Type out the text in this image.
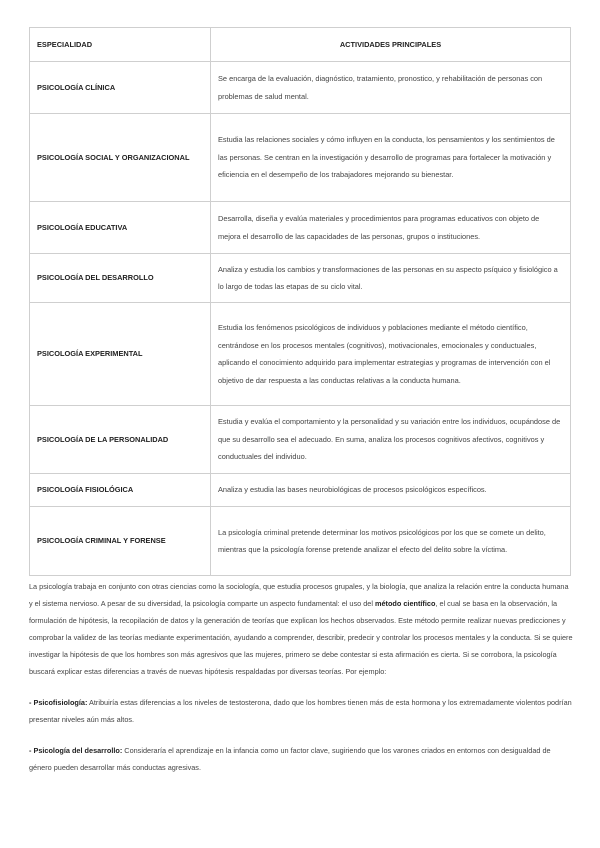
ESPECIALIDAD	ACTIVIDADES PRINCIPALES
PSICOLOGÍA CLÍNICA	Se encarga de la evaluación, diagnóstico, tratamiento, pronostico, y rehabilitación de personas con problemas de salud mental.
PSICOLOGÍA SOCIAL Y ORGANIZACIONAL	Estudia las relaciones sociales y cómo influyen en la conducta, los pensamientos y los sentimientos de las personas. Se centran en la investigación y desarrollo de programas para fortalecer la motivación y eficiencia en el desempeño de los trabajadores mejorando su bienestar.
PSICOLOGÍA EDUCATIVA	Desarrolla, diseña y evalúa materiales y procedimientos para programas educativos con objeto de mejora el desarrollo de las capacidades de las personas, grupos o instituciones.
PSICOLOGÍA DEL DESARROLLO	Analiza y estudia los cambios y transformaciones de las personas en su aspecto psíquico y fisiológico a lo largo de todas las etapas de su ciclo vital.
PSICOLOGÍA EXPERIMENTAL	Estudia los fenómenos psicológicos de individuos y poblaciones mediante el método científico, centrándose en los procesos mentales (cognitivos), motivacionales, emocionales y conductuales, aplicando el conocimiento adquirido para implementar estrategias y programas de intervención con el objetivo de dar respuesta a las conductas relativas a la conducta humana.
PSICOLOGÍA DE LA PERSONALIDAD	Estudia y evalúa el comportamiento y la personalidad y su variación entre los individuos, ocupándose de que su desarrollo sea el adecuado. En suma, analiza los procesos cognitivos afectivos, cognitivos y conductuales del individuo.
PSICOLOGÍA FISIOLÓGICA	Analiza y estudia las bases neurobiológicas de procesos psicológicos específicos.
PSICOLOGÍA CRIMINAL Y FORENSE	La psicología criminal pretende determinar los motivos psicológicos por los que se comete un delito, mientras que la psicología forense pretende analizar el efecto del delito sobre la víctima.

La psicología trabaja en conjunto con otras ciencias como la sociología, que estudia procesos grupales, y la biología, que analiza la relación entre la conducta humana y el sistema nervioso. A pesar de su diversidad, la psicología comparte un aspecto fundamental: el uso del método científico, el cual se basa en la observación, la formulación de hipótesis, la recopilación de datos y la generación de teorías que explican los hechos observados. Este método permite realizar nuevas predicciones y comprobar la validez de las teorías mediante experimentación, ayudando a comprender, describir, predecir y controlar los procesos mentales y la conducta. Si se quiere investigar la hipótesis de que los hombres son más agresivos que las mujeres, primero se debe contestar si esta afirmación es cierta. Si se corrobora, la psicología buscará explicar estas diferencias a través de nuevas hipótesis respaldadas por diversas teorías. Por ejemplo:

- Psicofisiología: Atribuiría estas diferencias a los niveles de testosterona, dado que los hombres tienen más de esta hormona y los extremadamente violentos podrían presentar niveles aún más altos.

- Psicología del desarrollo: Consideraría el aprendizaje en la infancia como un factor clave, sugiriendo que los varones criados en entornos con desigualdad de género pueden desarrollar más conductas agresivas.
